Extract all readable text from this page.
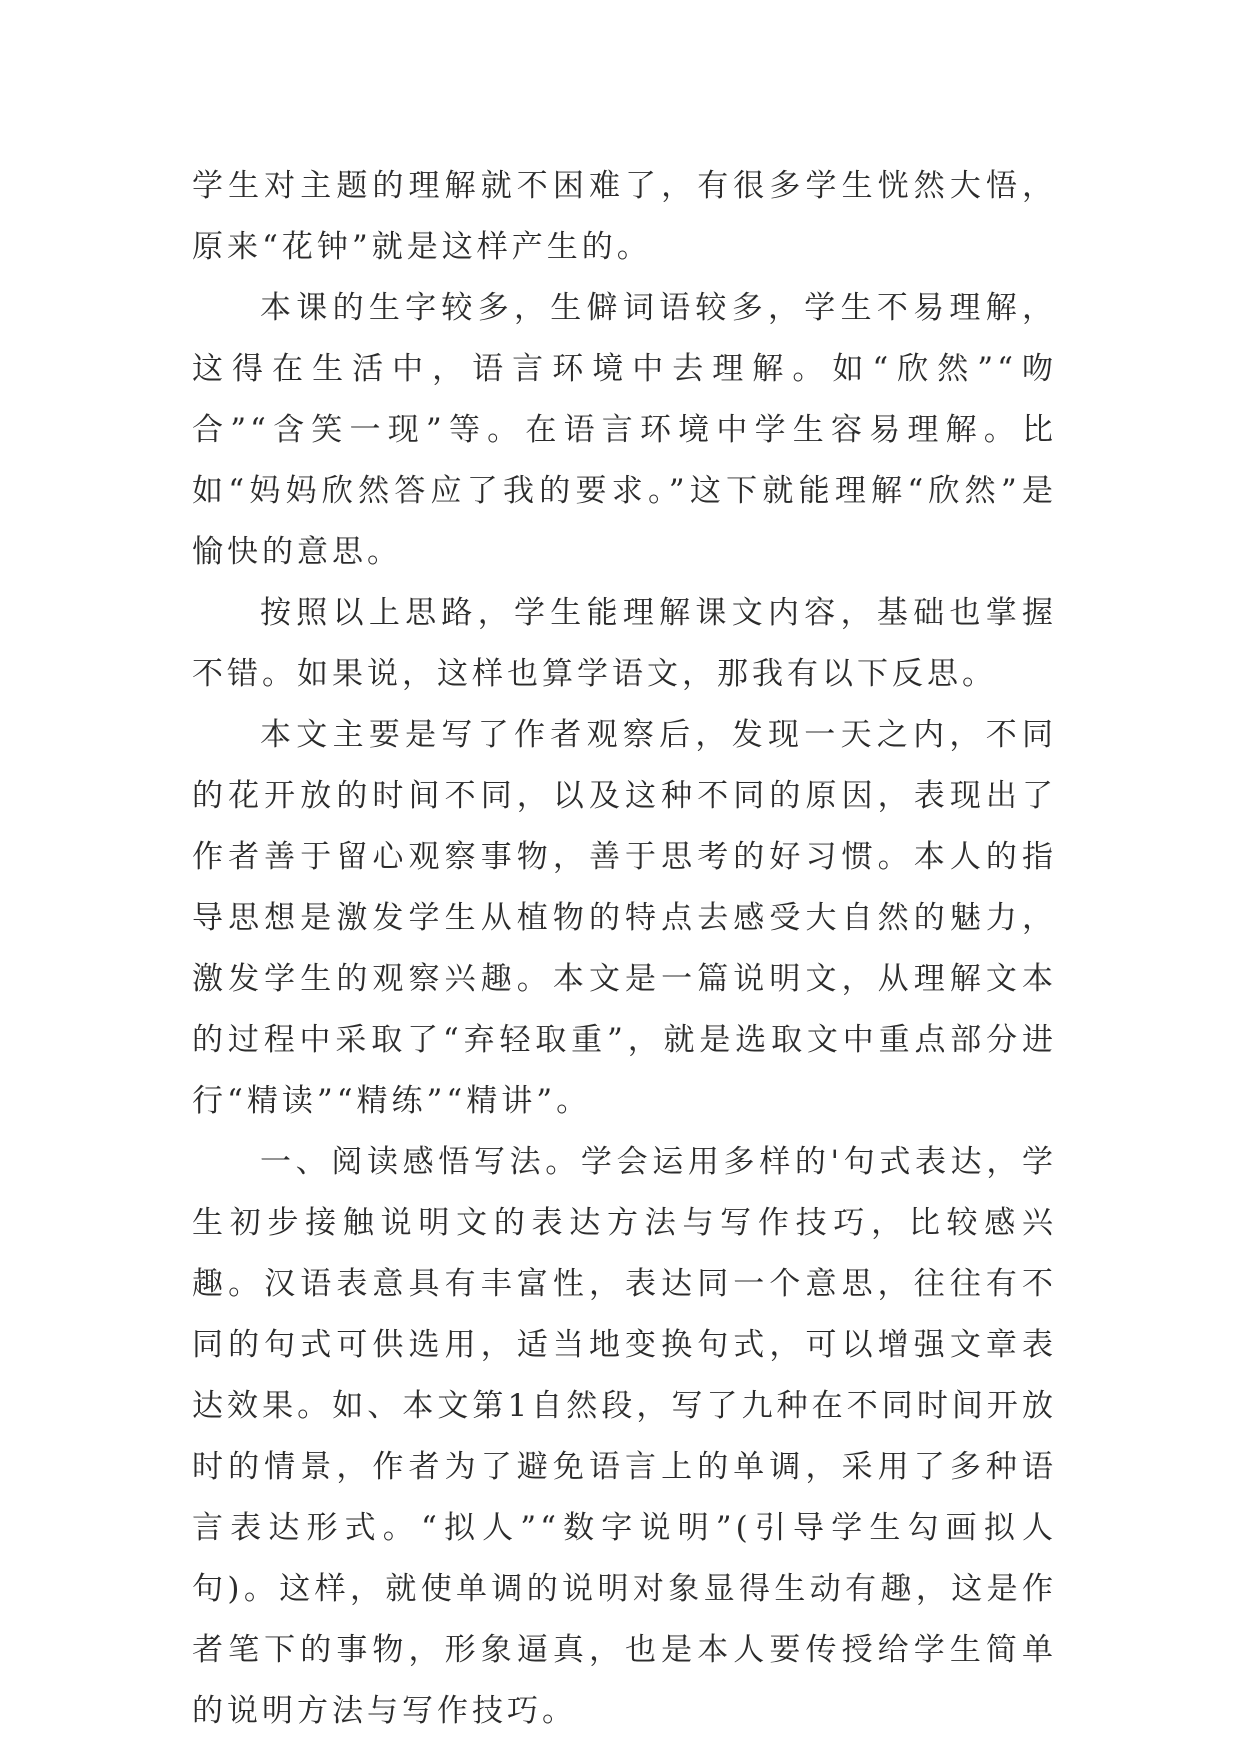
学生对主题的理解就不困难了，有很多学生恍然大悟，原来“花钟”就是这样产生的。

本课的生字较多，生僻词语较多，学生不易理解，这得在生活中，语言环境中去理解。如“欣然”“吻合”“含笑一现”等。在语言环境中学生容易理解。比如“妈妈欣然答应了我的要求。”这下就能理解“欣然”是愉快的意思。

按照以上思路，学生能理解课文内容，基础也掌握不错。如果说，这样也算学语文，那我有以下反思。

本文主要是写了作者观察后，发现一天之内，不同的花开放的时间不同，以及这种不同的原因，表现出了作者善于留心观察事物，善于思考的好习惯。本人的指导思想是激发学生从植物的特点去感受大自然的魅力，激发学生的观察兴趣。本文是一篇说明文，从理解文本的过程中采取了“弃轻取重”，就是选取文中重点部分进行“精读”“精练”“精讲”。

一、阅读感悟写法。学会运用多样的'句式表达，学生初步接触说明文的表达方法与写作技巧，比较感兴趣。汉语表意具有丰富性，表达同一个意思，往往有不同的句式可供选用，适当地变换句式，可以增强文章表达效果。如、本文第1自然段，写了九种在不同时间开放时的情景，作者为了避免语言上的单调，采用了多种语言表达形式。“拟人”“数字说明”(引导学生勾画拟人句)。这样，就使单调的说明对象显得生动有趣，这是作者笔下的事物，形象逼真，也是本人要传授给学生简单的说明方法与写作技巧。
